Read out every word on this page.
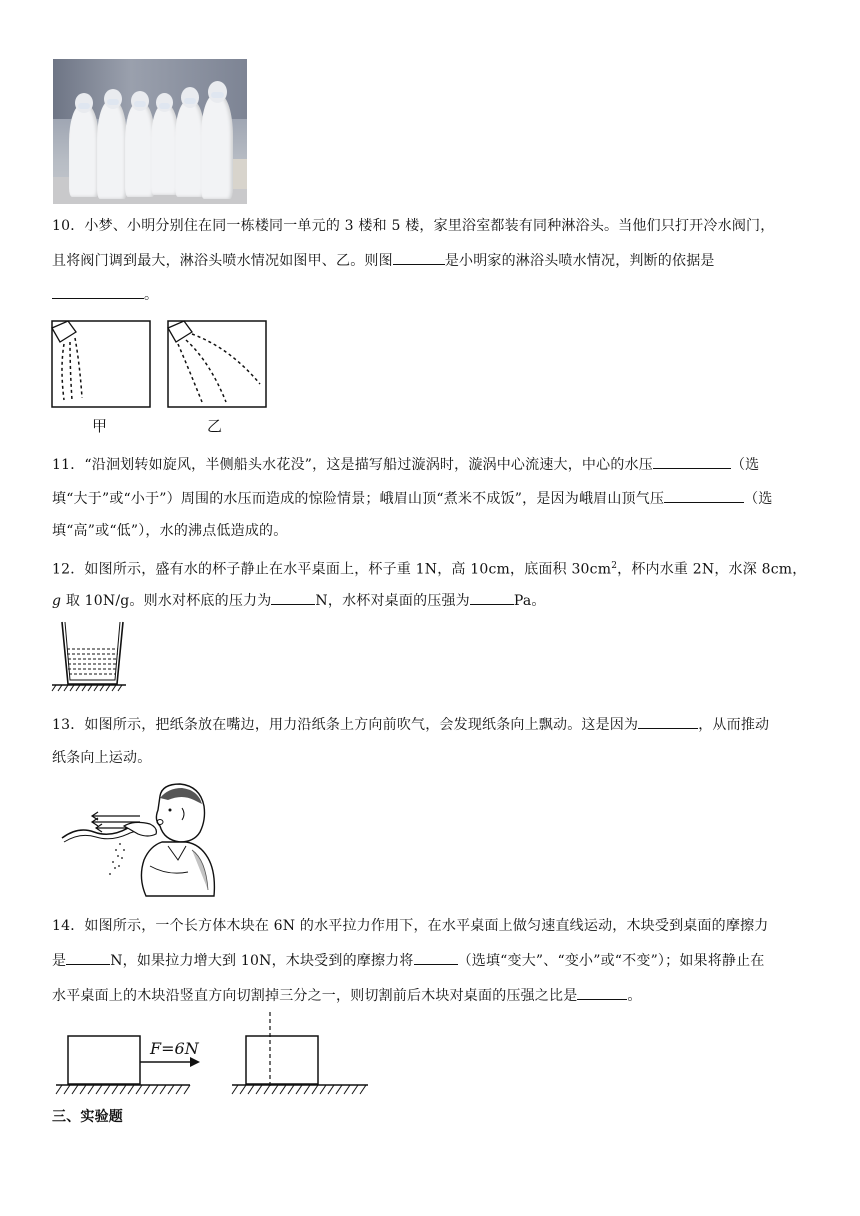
10．小梦、小明分别住在同一栋楼同一单元的 3 楼和 5 楼，家里浴室都装有同种淋浴头。当他们只打开冷水阀门，
且将阀门调到最大，淋浴头喷水情况如图甲、乙。则图	是小明家的淋浴头喷水情况，判断的依据是
。
甲	乙
11．“沿洄划转如旋风，半侧船头水花没”，这是描写船过漩涡时，漩涡中心流速大，中心的水压	（选
填“大于”或“小于”）周围的水压而造成的惊险情景；峨眉山顶“煮米不成饭”，是因为峨眉山顶气压	（选
填“高”或“低”），水的沸点低造成的。
12．如图所示，盛有水的杯子静止在水平桌面上，杯子重 1N，高 10cm，底面积 $30cm^2$，杯内水重 2N，水深 8cm，
g 取 10N/g。则水对杯底的压力为	N，水杯对桌面的压强为	Pa。
13．如图所示，把纸条放在嘴边，用力沿纸条上方向前吹气，会发现纸条向上飘动。这是因为	，从而推动
纸条向上运动。
14．如图所示，一个长方体木块在 6N 的水平拉力作用下，在水平桌面上做匀速直线运动，木块受到桌面的摩擦力
是	N，如果拉力增大到 10N，木块受到的摩擦力将	（选填“变大”、“变小”或“不变”）；如果将静止在
水平桌面上的木块沿竖直方向切割掉三分之一，则切割前后木块对桌面的压强之比是	。
F=6N
三、实验题
